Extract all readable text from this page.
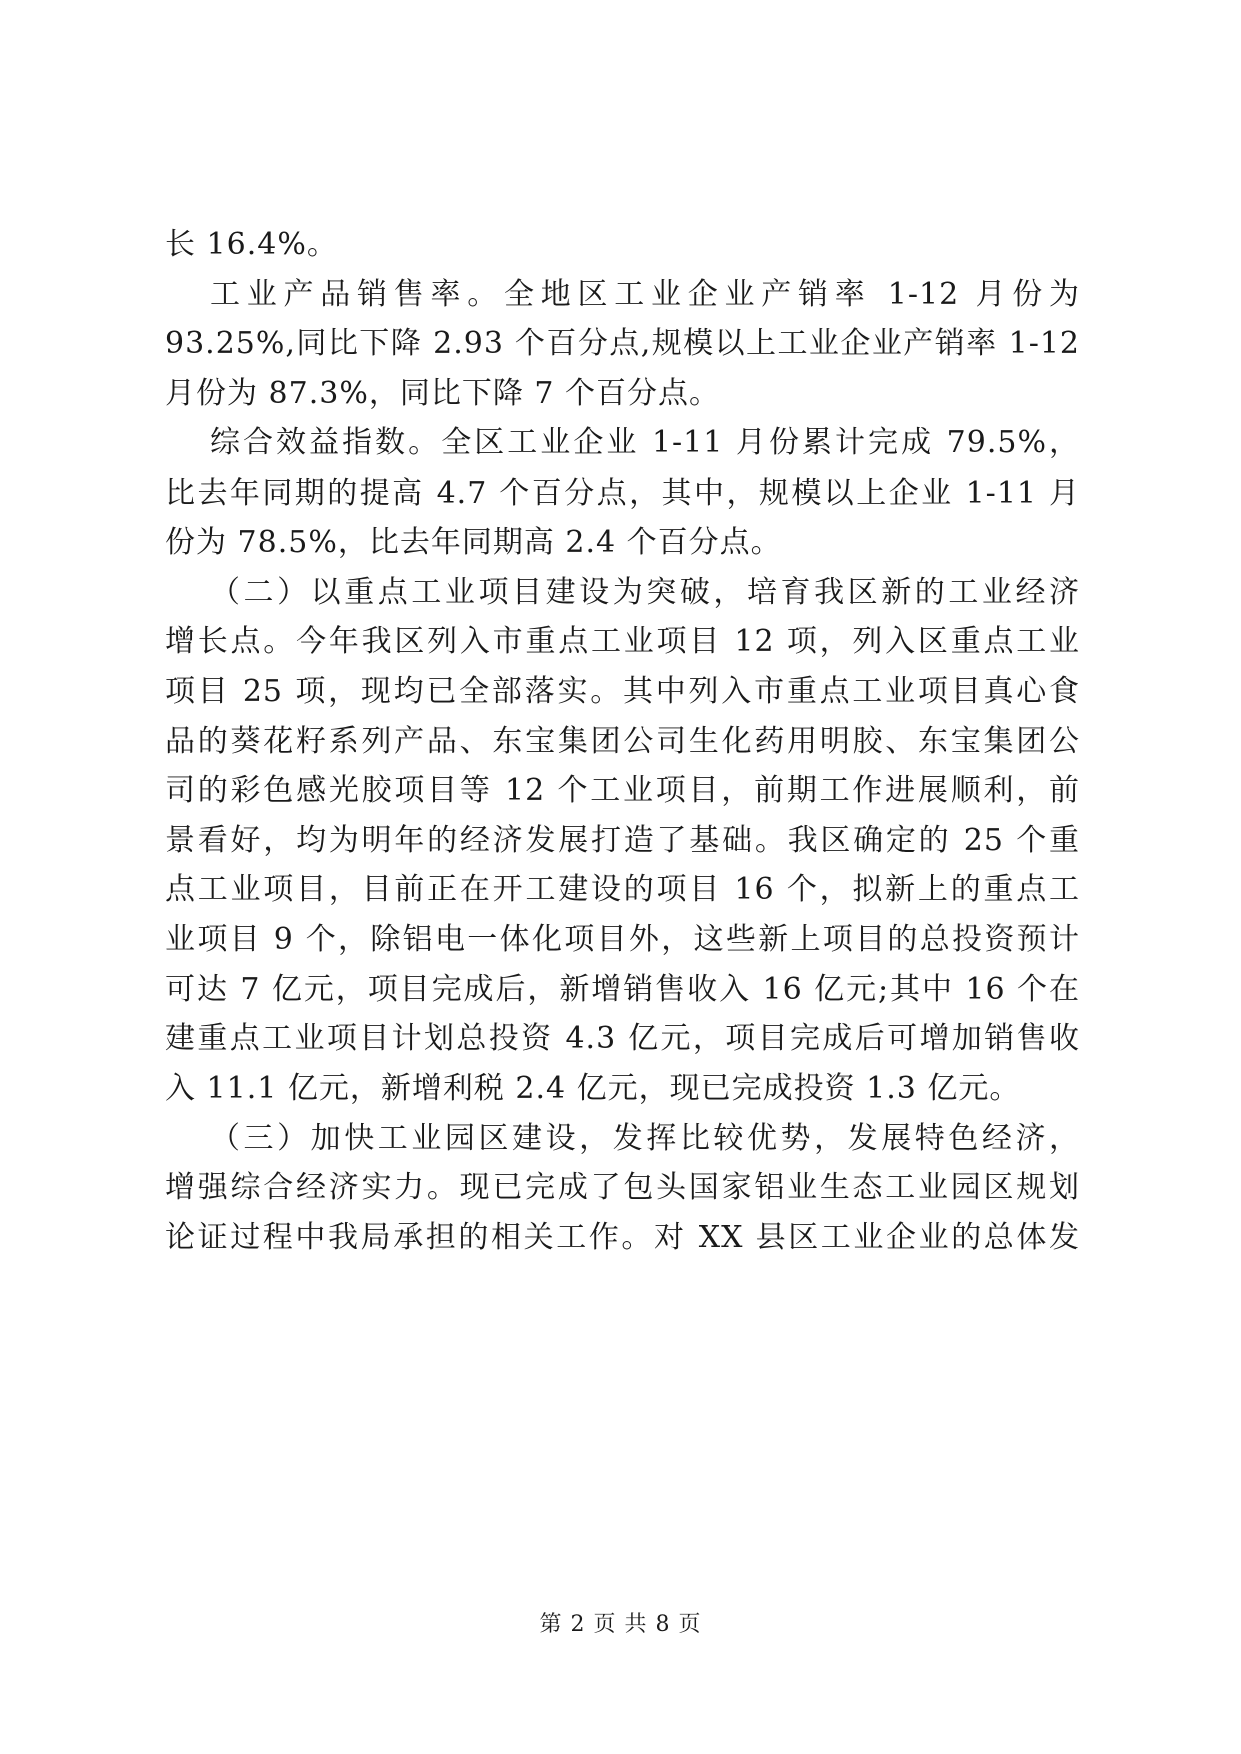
长 16.4%。
工业产品销售率。全地区工业企业产销率 1-12 月份为
93.25%,同比下降 2.93 个百分点,规模以上工业企业产销率 1-12
月份为 87.3%，同比下降 7 个百分点。
综合效益指数。全区工业企业 1-11 月份累计完成 79.5%，
比去年同期的提高 4.7 个百分点，其中，规模以上企业 1-11 月
份为 78.5%，比去年同期高 2.4 个百分点。
（二）以重点工业项目建设为突破，培育我区新的工业经济
增长点。今年我区列入市重点工业项目 12 项，列入区重点工业
项目 25 项，现均已全部落实。其中列入市重点工业项目真心食
品的葵花籽系列产品、东宝集团公司生化药用明胶、东宝集团公
司的彩色感光胶项目等 12 个工业项目，前期工作进展顺利，前
景看好，均为明年的经济发展打造了基础。我区确定的 25 个重
点工业项目，目前正在开工建设的项目 16 个，拟新上的重点工
业项目 9 个，除铝电一体化项目外，这些新上项目的总投资预计
可达 7 亿元，项目完成后，新增销售收入 16 亿元;其中 16 个在
建重点工业项目计划总投资 4.3 亿元，项目完成后可增加销售收
入 11.1 亿元，新增利税 2.4 亿元，现已完成投资 1.3 亿元。
（三）加快工业园区建设，发挥比较优势，发展特色经济，
增强综合经济实力。现已完成了包头国家铝业生态工业园区规划
论证过程中我局承担的相关工作。对 XX 县区工业企业的总体发
第 2 页 共 8 页
